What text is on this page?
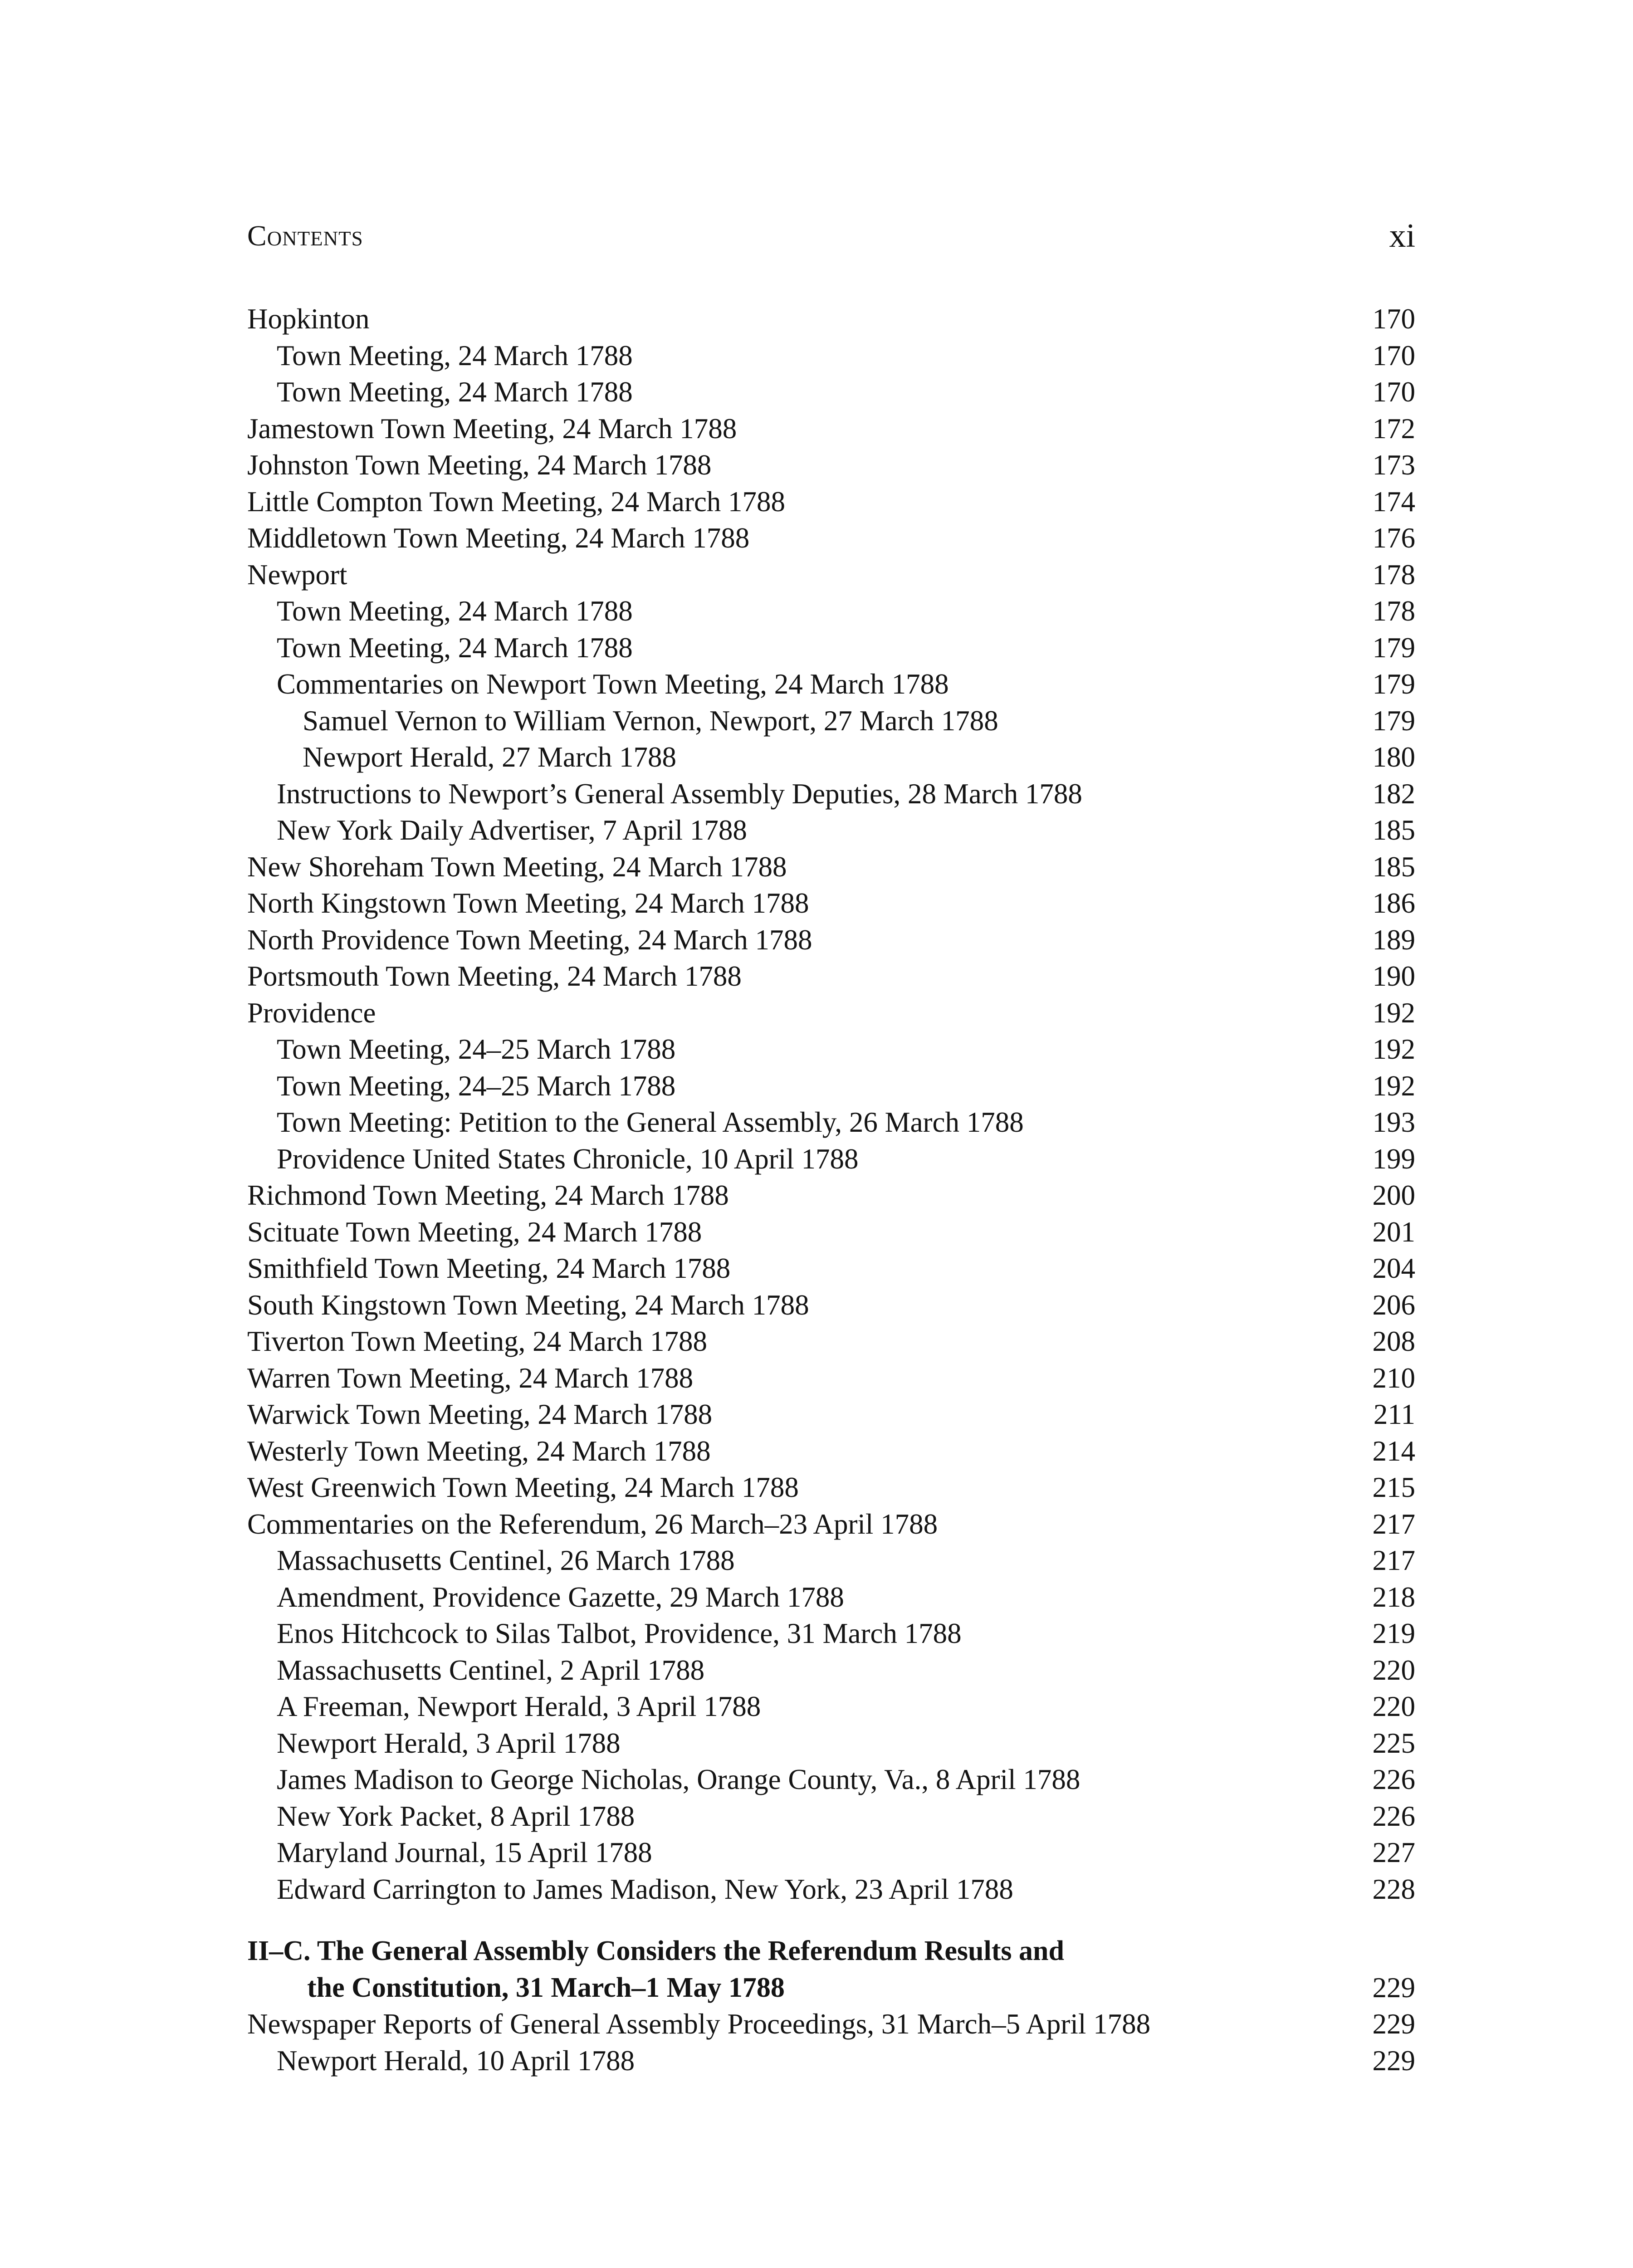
Contents	xi
Hopkinton	170
Town Meeting, 24 March 1788	170
Town Meeting, 24 March 1788	170
Jamestown Town Meeting, 24 March 1788	172
Johnston Town Meeting, 24 March 1788	173
Little Compton Town Meeting, 24 March 1788	174
Middletown Town Meeting, 24 March 1788	176
Newport	178
Town Meeting, 24 March 1788	178
Town Meeting, 24 March 1788	179
Commentaries on Newport Town Meeting, 24 March 1788	179
Samuel Vernon to William Vernon, Newport, 27 March 1788	179
Newport Herald, 27 March 1788	180
Instructions to Newport’s General Assembly Deputies, 28 March 1788	182
New York Daily Advertiser, 7 April 1788	185
New Shoreham Town Meeting, 24 March 1788	185
North Kingstown Town Meeting, 24 March 1788	186
North Providence Town Meeting, 24 March 1788	189
Portsmouth Town Meeting, 24 March 1788	190
Providence	192
Town Meeting, 24–25 March 1788	192
Town Meeting, 24–25 March 1788	192
Town Meeting: Petition to the General Assembly, 26 March 1788	193
Providence United States Chronicle, 10 April 1788	199
Richmond Town Meeting, 24 March 1788	200
Scituate Town Meeting, 24 March 1788	201
Smithfield Town Meeting, 24 March 1788	204
South Kingstown Town Meeting, 24 March 1788	206
Tiverton Town Meeting, 24 March 1788	208
Warren Town Meeting, 24 March 1788	210
Warwick Town Meeting, 24 March 1788	211
Westerly Town Meeting, 24 March 1788	214
West Greenwich Town Meeting, 24 March 1788	215
Commentaries on the Referendum, 26 March–23 April 1788	217
Massachusetts Centinel, 26 March 1788	217
Amendment, Providence Gazette, 29 March 1788	218
Enos Hitchcock to Silas Talbot, Providence, 31 March 1788	219
Massachusetts Centinel, 2 April 1788	220
A Freeman, Newport Herald, 3 April 1788	220
Newport Herald, 3 April 1788	225
James Madison to George Nicholas, Orange County, Va., 8 April 1788	226
New York Packet, 8 April 1788	226
Maryland Journal, 15 April 1788	227
Edward Carrington to James Madison, New York, 23 April 1788	228
II–C. The General Assembly Considers the Referendum Results and
the Constitution, 31 March–1 May 1788	229
Newspaper Reports of General Assembly Proceedings, 31 March–5 April 1788	229
Newport Herald, 10 April 1788	229
